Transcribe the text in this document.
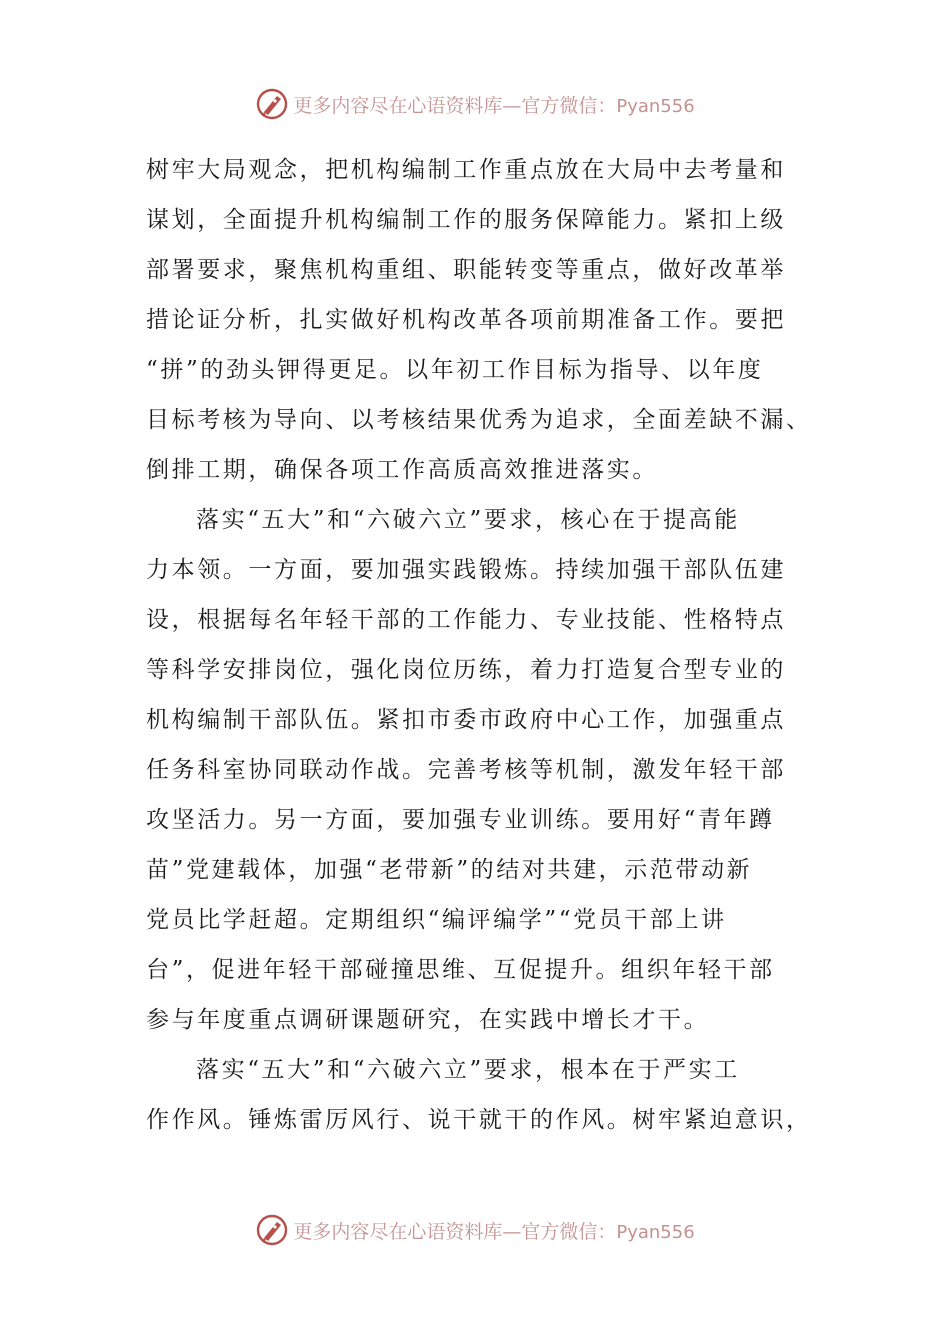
更多内容尽在心语资料库—官方微信：Pyan556
树牢大局观念，把机构编制工作重点放在大局中去考量和
谋划，全面提升机构编制工作的服务保障能力。紧扣上级
部署要求，聚焦机构重组、职能转变等重点，做好改革举
措论证分析，扎实做好机构改革各项前期准备工作。要把
“拼”的劲头钾得更足。以年初工作目标为指导、以年度
目标考核为导向、以考核结果优秀为追求，全面差缺不漏、
倒排工期，确保各项工作高质高效推进落实。
落实“五大”和“六破六立”要求，核心在于提高能
力本领。一方面，要加强实践锻炼。持续加强干部队伍建
设，根据每名年轻干部的工作能力、专业技能、性格特点
等科学安排岗位，强化岗位历练，着力打造复合型专业的
机构编制干部队伍。紧扣市委市政府中心工作，加强重点
任务科室协同联动作战。完善考核等机制，激发年轻干部
攻坚活力。另一方面，要加强专业训练。要用好“青年蹲
苗”党建载体，加强“老带新”的结对共建，示范带动新
党员比学赶超。定期组织“编评编学”“党员干部上讲
台”，促进年轻干部碰撞思维、互促提升。组织年轻干部
参与年度重点调研课题研究，在实践中增长才干。
落实“五大”和“六破六立”要求，根本在于严实工
作作风。锤炼雷厉风行、说干就干的作风。树牢紧迫意识，
更多内容尽在心语资料库—官方微信：Pyan556
